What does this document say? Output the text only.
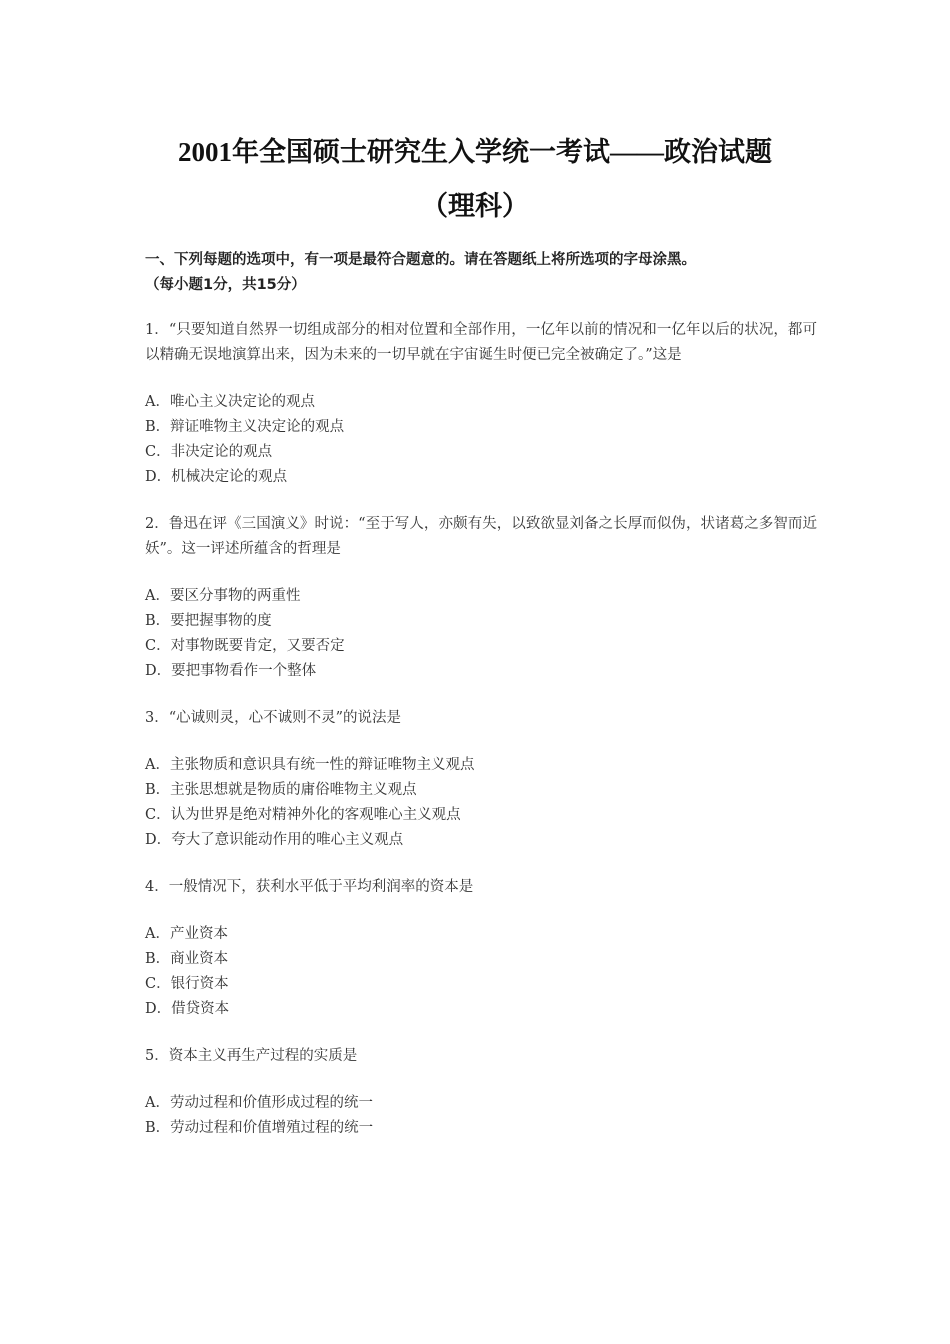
2001年全国硕士研究生入学统一考试——政治试题
（理科）
一、下列每题的选项中，有一项是最符合题意的。请在答题纸上将所选项的字母涂黑。
（每小题1分，共15分）

1．“只要知道自然界一切组成部分的相对位置和全部作用，一亿年以前的情况和一亿年以后的状况，都可以精确无误地演算出来，因为未来的一切早就在宇宙诞生时便已完全被确定了。”这是

A．唯心主义决定论的观点
B．辩证唯物主义决定论的观点
C．非决定论的观点
D．机械决定论的观点

2．鲁迅在评《三国演义》时说：“至于写人，亦颇有失，以致欲显刘备之长厚而似伪，状诸葛之多智而近妖”。这一评述所蕴含的哲理是

A．要区分事物的两重性
B．要把握事物的度
C．对事物既要肯定，又要否定
D．要把事物看作一个整体

3．“心诚则灵，心不诚则不灵”的说法是

A．主张物质和意识具有统一性的辩证唯物主义观点
B．主张思想就是物质的庸俗唯物主义观点
C．认为世界是绝对精神外化的客观唯心主义观点
D．夸大了意识能动作用的唯心主义观点

4．一般情况下，获利水平低于平均利润率的资本是

A．产业资本
B．商业资本
C．银行资本
D．借贷资本

5．资本主义再生产过程的实质是

A．劳动过程和价值形成过程的统一
B．劳动过程和价值增殖过程的统一
